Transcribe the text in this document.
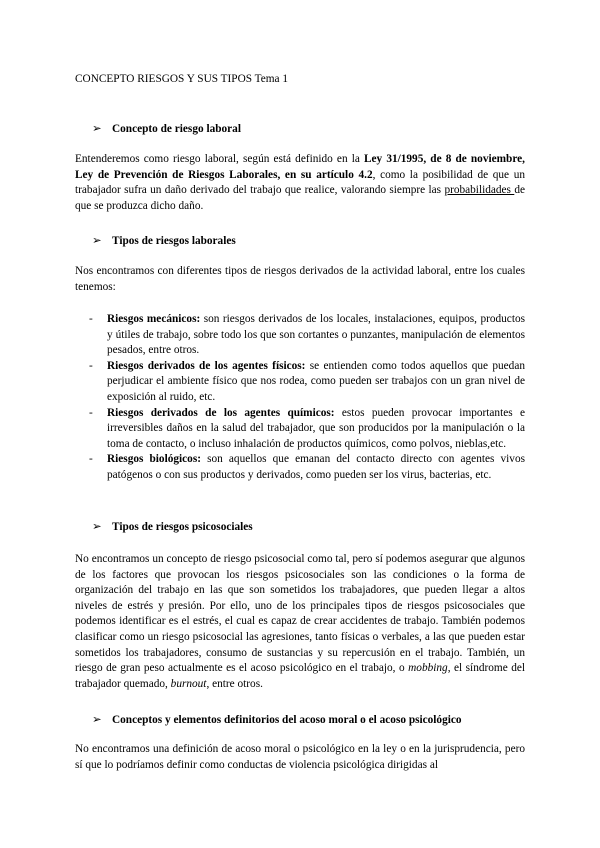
CONCEPTO RIESGOS Y SUS TIPOS Tema 1
➢ Concepto de riesgo laboral

Entenderemos como riesgo laboral, según está definido en la Ley 31/1995, de 8 de noviembre, Ley de Prevención de Riesgos Laborales, en su artículo 4.2, como la posibilidad de que un trabajador sufra un daño derivado del trabajo que realice, valorando siempre las probabilidades de que se produzca dicho daño.

➢ Tipos de riesgos laborales

Nos encontramos con diferentes tipos de riesgos derivados de la actividad laboral, entre los cuales tenemos:

- Riesgos mecánicos: son riesgos derivados de los locales, instalaciones, equipos, productos y útiles de trabajo, sobre todo los que son cortantes o punzantes, manipulación de elementos pesados, entre otros.
- Riesgos derivados de los agentes físicos: se entienden como todos aquellos que puedan perjudicar el ambiente físico que nos rodea, como pueden ser trabajos con un gran nivel de exposición al ruido, etc.
- Riesgos derivados de los agentes químicos: estos pueden provocar importantes e irreversibles daños en la salud del trabajador, que son producidos por la manipulación o la toma de contacto, o incluso inhalación de productos químicos, como polvos, nieblas,etc.
- Riesgos biológicos: son aquellos que emanan del contacto directo con agentes vivos patógenos o con sus productos y derivados, como pueden ser los virus, bacterias, etc.
➢ Tipos de riesgos psicosociales

No encontramos un concepto de riesgo psicosocial como tal, pero sí podemos asegurar que algunos de los factores que provocan los riesgos psicosociales son las condiciones o la forma de organización del trabajo en las que son sometidos los trabajadores, que pueden llegar a altos niveles de estrés y presión. Por ello, uno de los principales tipos de riesgos psicosociales que podemos identificar es el estrés, el cual es capaz de crear accidentes de trabajo. También podemos clasificar como un riesgo psicosocial las agresiones, tanto físicas o verbales, a las que pueden estar sometidos los trabajadores, consumo de sustancias y su repercusión en el trabajo. También, un riesgo de gran peso actualmente es el acoso psicológico en el trabajo, o mobbing, el síndrome del trabajador quemado, burnout, entre otros.

➢ Conceptos y elementos definitorios del acoso moral o el acoso psicológico

No encontramos una definición de acoso moral o psicológico en la ley o en la jurisprudencia, pero sí que lo podríamos definir como conductas de violencia psicológica dirigidas al
